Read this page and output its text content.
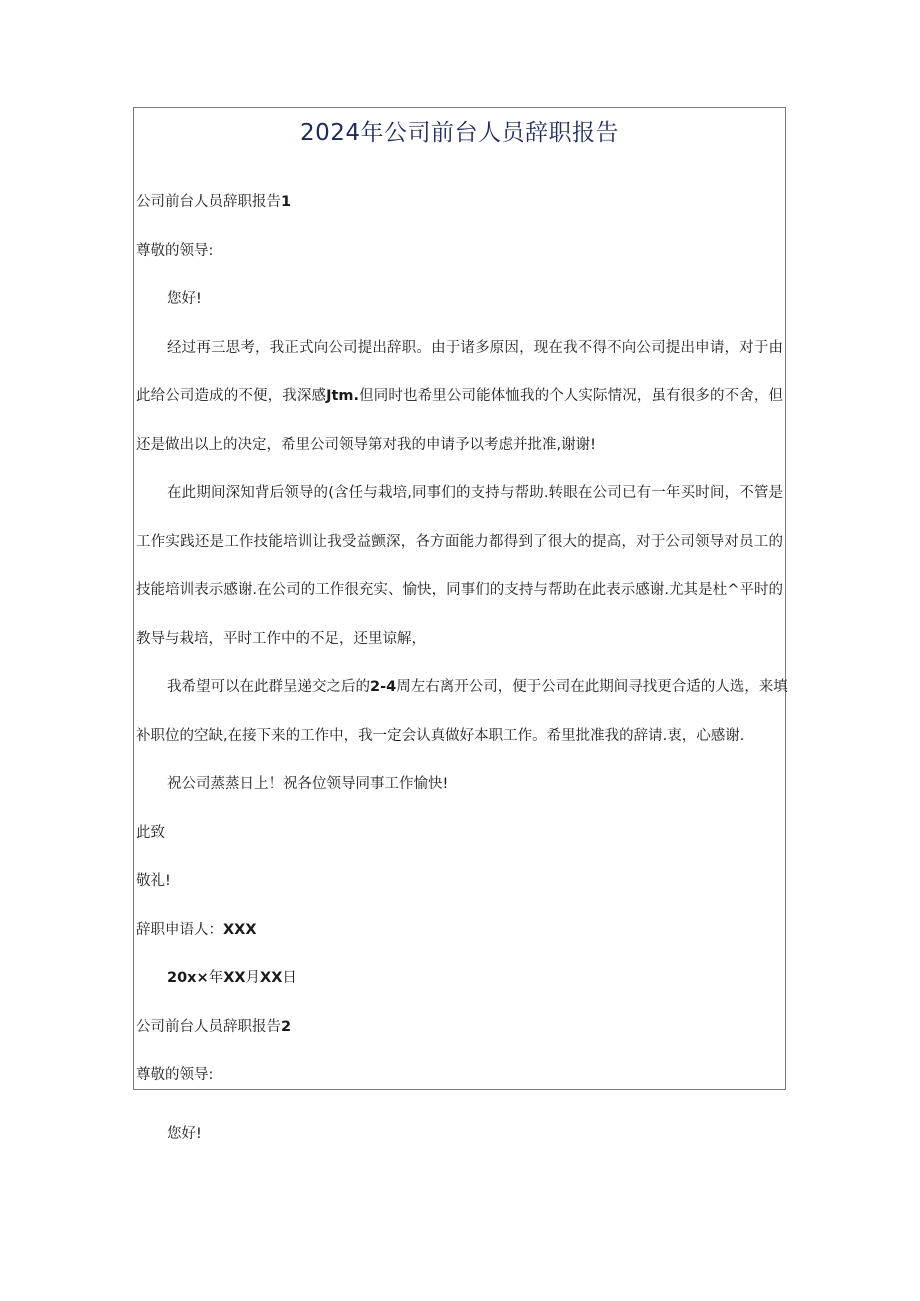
2024年公司前台人员辞职报告
公司前台人员辞职报告1
尊敬的领导:
您好!
经过再三思考，我正式向公司提出辞职。由于诸多原因，现在我不得不向公司提出申请，对于由
此给公司造成的不便，我深感Jtm.但同时也希里公司能体恤我的个人实际情况，虽有很多的不舍，但
还是做出以上的决定，希里公司领导第对我的申请予以考虑并批准,谢谢!
在此期间深知背后领导的(含任与栽培,同事们的支持与帮助.转眼在公司已有一年买时间，不管是
工作实践还是工作技能培训让我受益颤深，各方面能力都得到了很大的提高，对于公司领导对员工的
技能培训表示感谢.在公司的工作很充实、愉快，同事们的支持与帮助在此表示感谢.尤其是杜^平时的
教导与栽培，平时工作中的不足，还里谅解，
我希望可以在此群呈递交之后的2-4周左右离开公司，便于公司在此期间寻找更合适的人选，来填
补职位的空缺,在接下来的工作中，我一定会认真做好本职工作。希里批准我的辞请.衷，心感谢.
祝公司蒸蒸日上！祝各位领导同事工作愉快!
此致
敬礼!
辞职申语人：XXX
20x×年XX月XX日
公司前台人员辞职报告2
尊敬的领导:
您好!
